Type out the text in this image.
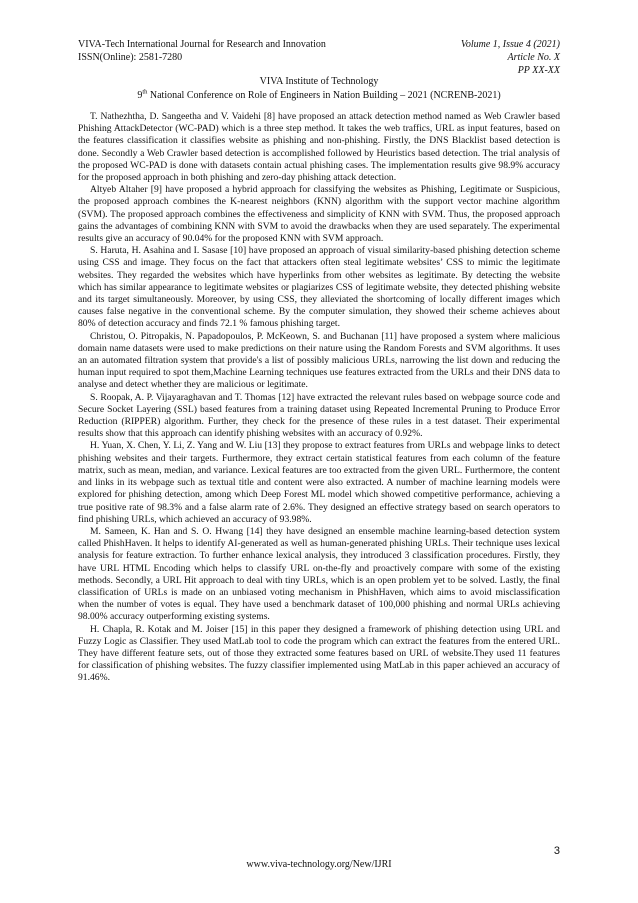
VIVA-Tech International Journal for Research and Innovation
ISSN(Online): 2581-7280
Volume 1, Issue 4 (2021)
Article No. X
PP XX-XX
VIVA Institute of Technology
9th National Conference on Role of Engineers in Nation Building – 2021 (NCRENB-2021)

T. Nathezhtha, D. Sangeetha and V. Vaidehi [8] have proposed an attack detection method named as Web Crawler based Phishing AttackDetector (WC-PAD) which is a three step method. It takes the web traffics, URL as input features, based on the features classification it classifies website as phishing and non-phishing. Firstly, the DNS Blacklist based detection is done. Secondly a Web Crawler based detection is accomplished followed by Heuristics based detection. The trial analysis of the proposed WC-PAD is done with datasets contain actual phishing cases. The implementation results give 98.9% accuracy for the proposed approach in both phishing and zero-day phishing attack detection.

Altyeb Altaher [9] have proposed a hybrid approach for classifying the websites as Phishing, Legitimate or Suspicious, the proposed approach combines the K-nearest neighbors (KNN) algorithm with the support vector machine algorithm (SVM). The proposed approach combines the effectiveness and simplicity of KNN with SVM. Thus, the proposed approach gains the advantages of combining KNN with SVM to avoid the drawbacks when they are used separately. The experimental results give an accuracy of 90.04% for the proposed KNN with SVM approach.

S. Haruta, H. Asahina and I. Sasase [10] have proposed an approach of visual similarity-based phishing detection scheme using CSS and image. They focus on the fact that attackers often steal legitimate websites’ CSS to mimic the legitimate websites. They regarded the websites which have hyperlinks from other websites as legitimate. By detecting the website which has similar appearance to legitimate websites or plagiarizes CSS of legitimate website, they detected phishing website and its target simultaneously. Moreover, by using CSS, they alleviated the shortcoming of locally different images which causes false negative in the conventional scheme. By the computer simulation, they showed their scheme achieves about 80% of detection accuracy and finds 72.1 % famous phishing target.

Christou, O. Pitropakis, N. Papadopoulos, P. McKeown, S. and Buchanan [11] have proposed a system where malicious domain name datasets were used to make predictions on their nature using the Random Forests and SVM algorithms. It uses an an automated filtration system that provide's a list of possibly malicious URLs, narrowing the list down and reducing the human input required to spot them,Machine Learning techniques use features extracted from the URLs and their DNS data to analyse and detect whether they are malicious or legitimate.

S. Roopak, A. P. Vijayaraghavan and T. Thomas [12] have extracted the relevant rules based on webpage source code and Secure Socket Layering (SSL) based features from a training dataset using Repeated Incremental Pruning to Produce Error Reduction (RIPPER) algorithm. Further, they check for the presence of these rules in a test dataset. Their experimental results show that this approach can identify phishing websites with an accuracy of 0.92%.

H. Yuan, X. Chen, Y. Li, Z. Yang and W. Liu [13] they propose to extract features from URLs and webpage links to detect phishing websites and their targets. Furthermore, they extract certain statistical features from each column of the feature matrix, such as mean, median, and variance. Lexical features are too extracted from the given URL. Furthermore, the content and links in its webpage such as textual title and content were also extracted. A number of machine learning models were explored for phishing detection, among which Deep Forest ML model which showed competitive performance, achieving a true positive rate of 98.3% and a false alarm rate of 2.6%. They designed an effective strategy based on search operators to find phishing URLs, which achieved an accuracy of 93.98%.

M. Sameen, K. Han and S. O. Hwang [14] they have designed an ensemble machine learning-based detection system called PhishHaven. It helps to identify AI-generated as well as human-generated phishing URLs. Their technique uses lexical analysis for feature extraction. To further enhance lexical analysis, they introduced 3 classification procedures. Firstly, they have URL HTML Encoding which helps to classify URL on-the-fly and proactively compare with some of the existing methods. Secondly, a URL Hit approach to deal with tiny URLs, which is an open problem yet to be solved. Lastly, the final classification of URLs is made on an unbiased voting mechanism in PhishHaven, which aims to avoid misclassification when the number of votes is equal. They have used a benchmark dataset of 100,000 phishing and normal URLs achieving 98.00% accuracy outperforming existing systems.

H. Chapla, R. Kotak and M. Joiser [15] in this paper they designed a framework of phishing detection using URL and Fuzzy Logic as Classifier. They used MatLab tool to code the program which can extract the features from the entered URL. They have different feature sets, out of those they extracted some features based on URL of website.They used 11 features for classification of phishing websites. The fuzzy classifier implemented using MatLab in this paper achieved an accuracy of 91.46%.

3
www.viva-technology.org/New/IJRI
